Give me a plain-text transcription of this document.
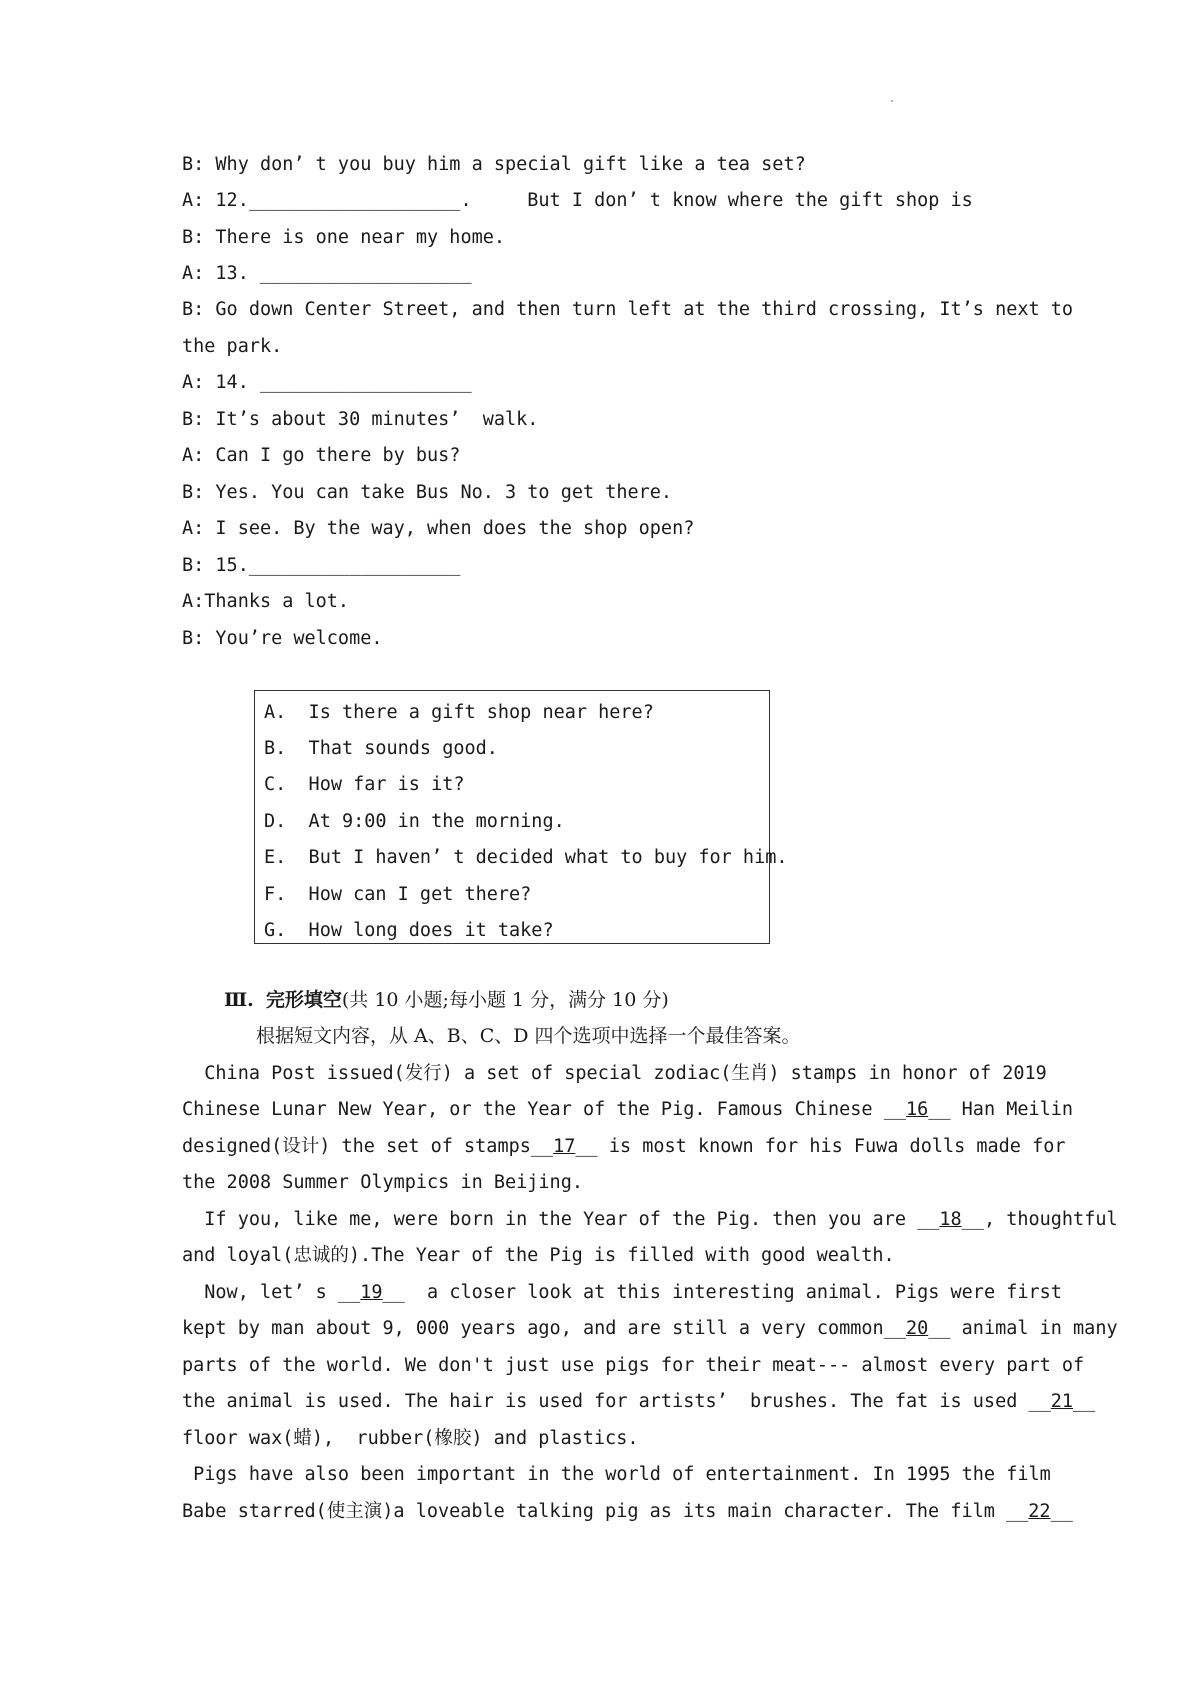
B: Why don’ t you buy him a special gift like a tea set?
A: 12.___________________.     But I don’ t know where the gift shop is
B: There is one near my home.
A: 13. ___________________
B: Go down Center Street, and then turn left at the third crossing, It’s next to
the park.
A: 14. ___________________
B: It’s about 30 minutes’  walk.
A: Can I go there by bus?
B: Yes. You can take Bus No. 3 to get there.
A: I see. By the way, when does the shop open?
B: 15.___________________
A:Thanks a lot.
B: You’re welcome.
A.  Is there a gift shop near here?
B.  That sounds good.
C.  How far is it?
D.  At 9:00 in the morning.
E.  But I haven’ t decided what to buy for him.
F.  How can I get there?
G.  How long does it take?
Ⅲ. 完形填空(共 10 小题;每小题 1 分，满分 10 分)
根据短文内容，从 A、B、C、D 四个选项中选择一个最佳答案。
China Post issued(发行) a set of special zodiac(生肖) stamps in honor of 2019
Chinese Lunar New Year, or the Year of the Pig. Famous Chinese __16__ Han Meilin
designed(设计) the set of stamps__17__ is most known for his Fuwa dolls made for
the 2008 Summer Olympics in Beijing.
If you, like me, were born in the Year of the Pig. then you are __18__, thoughtful
and loyal(忠诚的).The Year of the Pig is filled with good wealth.
Now, let’ s __19__  a closer look at this interesting animal. Pigs were first
kept by man about 9, 000 years ago, and are still a very common__20__ animal in many
parts of the world. We don't just use pigs for their meat--- almost every part of
the animal is used. The hair is used for artists’  brushes. The fat is used __21__
floor wax(蜡),  rubber(橡胶) and plastics.
Pigs have also been important in the world of entertainment. In 1995 the film
Babe starred(使主演)a loveable talking pig as its main character. The film __22__
